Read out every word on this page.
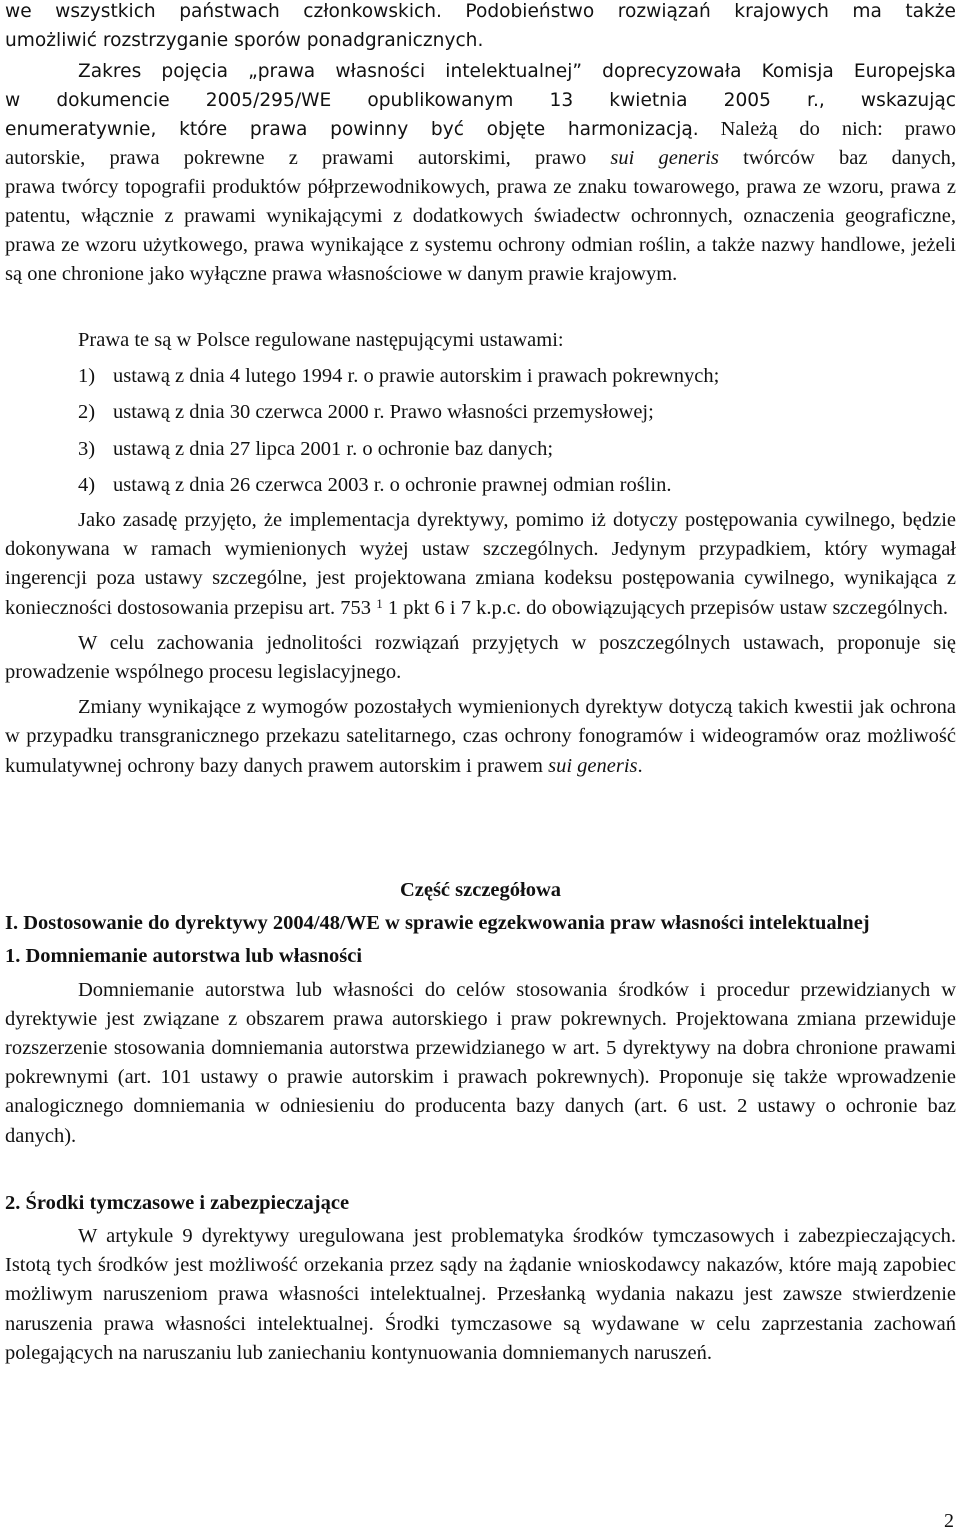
we wszystkich państwach członkowskich. Podobieństwo rozwiązań krajowych ma także

umożliwić rozstrzyganie sporów ponadgranicznych.

Zakres pojęcia „prawa własności intelektualnej” doprecyzowała Komisja Europejska

w dokumencie 2005/295/WE opublikowanym 13 kwietnia 2005 r., wskazując

enumeratywnie, które prawa powinny być objęte harmonizacją. Należą do nich: prawo

autorskie, prawa pokrewne z prawami autorskimi, prawo sui generis twórców baz danych,

prawa twórcy topografii produktów półprzewodnikowych, prawa ze znaku towarowego, prawa ze wzoru, prawa z patentu, włącznie z prawami wynikającymi z dodatkowych świadectw ochronnych, oznaczenia geograficzne, prawa ze wzoru użytkowego, prawa wynikające z systemu ochrony odmian roślin, a także nazwy handlowe, jeżeli są one chronione jako wyłączne prawa własnościowe w danym prawie krajowym.

Prawa te są w Polsce regulowane następującymi ustawami:

1) ustawą z dnia 4 lutego 1994 r. o prawie autorskim i prawach pokrewnych;
2) ustawą z dnia 30 czerwca 2000 r. Prawo własności przemysłowej;
3) ustawą z dnia 27 lipca 2001 r. o ochronie baz danych;
4) ustawą z dnia 26 czerwca 2003 r. o ochronie prawnej odmian roślin.

Jako zasadę przyjęto, że implementacja dyrektywy, pomimo iż dotyczy postępowania cywilnego, będzie dokonywana w ramach wymienionych wyżej ustaw szczególnych. Jedynym przypadkiem, który wymagał ingerencji poza ustawy szczególne, jest projektowana zmiana kodeksu postępowania cywilnego, wynikająca z konieczności dostosowania przepisu art. 753 $^1$ 1 pkt 6 i 7 k.p.c. do obowiązujących przepisów ustaw szczególnych.

W celu zachowania jednolitości rozwiązań przyjętych w poszczególnych ustawach, proponuje się prowadzenie wspólnego procesu legislacyjnego.

Zmiany wynikające z wymogów pozostałych wymienionych dyrektyw dotyczą takich kwestii jak ochrona w przypadku transgranicznego przekazu satelitarnego, czas ochrony fonogramów i wideogramów oraz możliwość kumulatywnej ochrony bazy danych prawem autorskim i prawem sui generis.

Część szczegółowa

I. Dostosowanie do dyrektywy 2004/48/WE w sprawie egzekwowania praw własności intelektualnej

1. Domniemanie autorstwa lub własności

Domniemanie autorstwa lub własności do celów stosowania środków i procedur przewidzianych w dyrektywie jest związane z obszarem prawa autorskiego i praw pokrewnych. Projektowana zmiana przewiduje rozszerzenie stosowania domniemania autorstwa przewidzianego w art. 5 dyrektywy na dobra chronione prawami pokrewnymi (art. 101 ustawy o prawie autorskim i prawach pokrewnych). Proponuje się także wprowadzenie analogicznego domniemania w odniesieniu do producenta bazy danych (art. 6 ust. 2 ustawy o ochronie baz danych).

2. Środki tymczasowe i zabezpieczające

W artykule 9 dyrektywy uregulowana jest problematyka środków tymczasowych i zabezpieczających. Istotą tych środków jest możliwość orzekania przez sądy na żądanie wnioskodawcy nakazów, które mają zapobiec możliwym naruszeniom prawa własności intelektualnej. Przesłanką wydania nakazu jest zawsze stwierdzenie naruszenia prawa własności intelektualnej. Środki tymczasowe są wydawane w celu zaprzestania zachowań polegających na naruszaniu lub zaniechaniu kontynuowania domniemanych naruszeń.

2
